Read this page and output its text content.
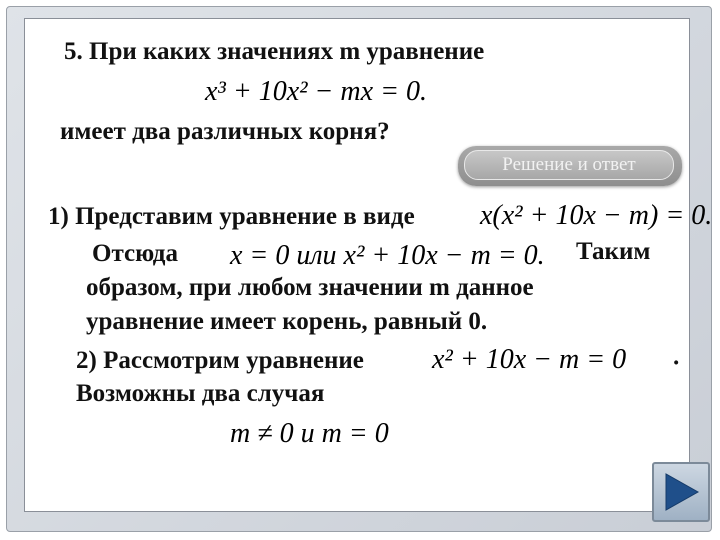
5. При каких значениях m уравнение
x³ + 10x² − mx = 0.
имеет два различных корня?
Решение и ответ
1) Представим уравнение в виде x(x² + 10x − m) = 0.
Отсюда x = 0 или x² + 10x − m = 0. Таким
образом, при любом значении m данное
уравнение имеет корень, равный 0.
2) Рассмотрим уравнение x² + 10x − m = 0 ·
Возможны два случая
m ≠ 0 и m = 0
